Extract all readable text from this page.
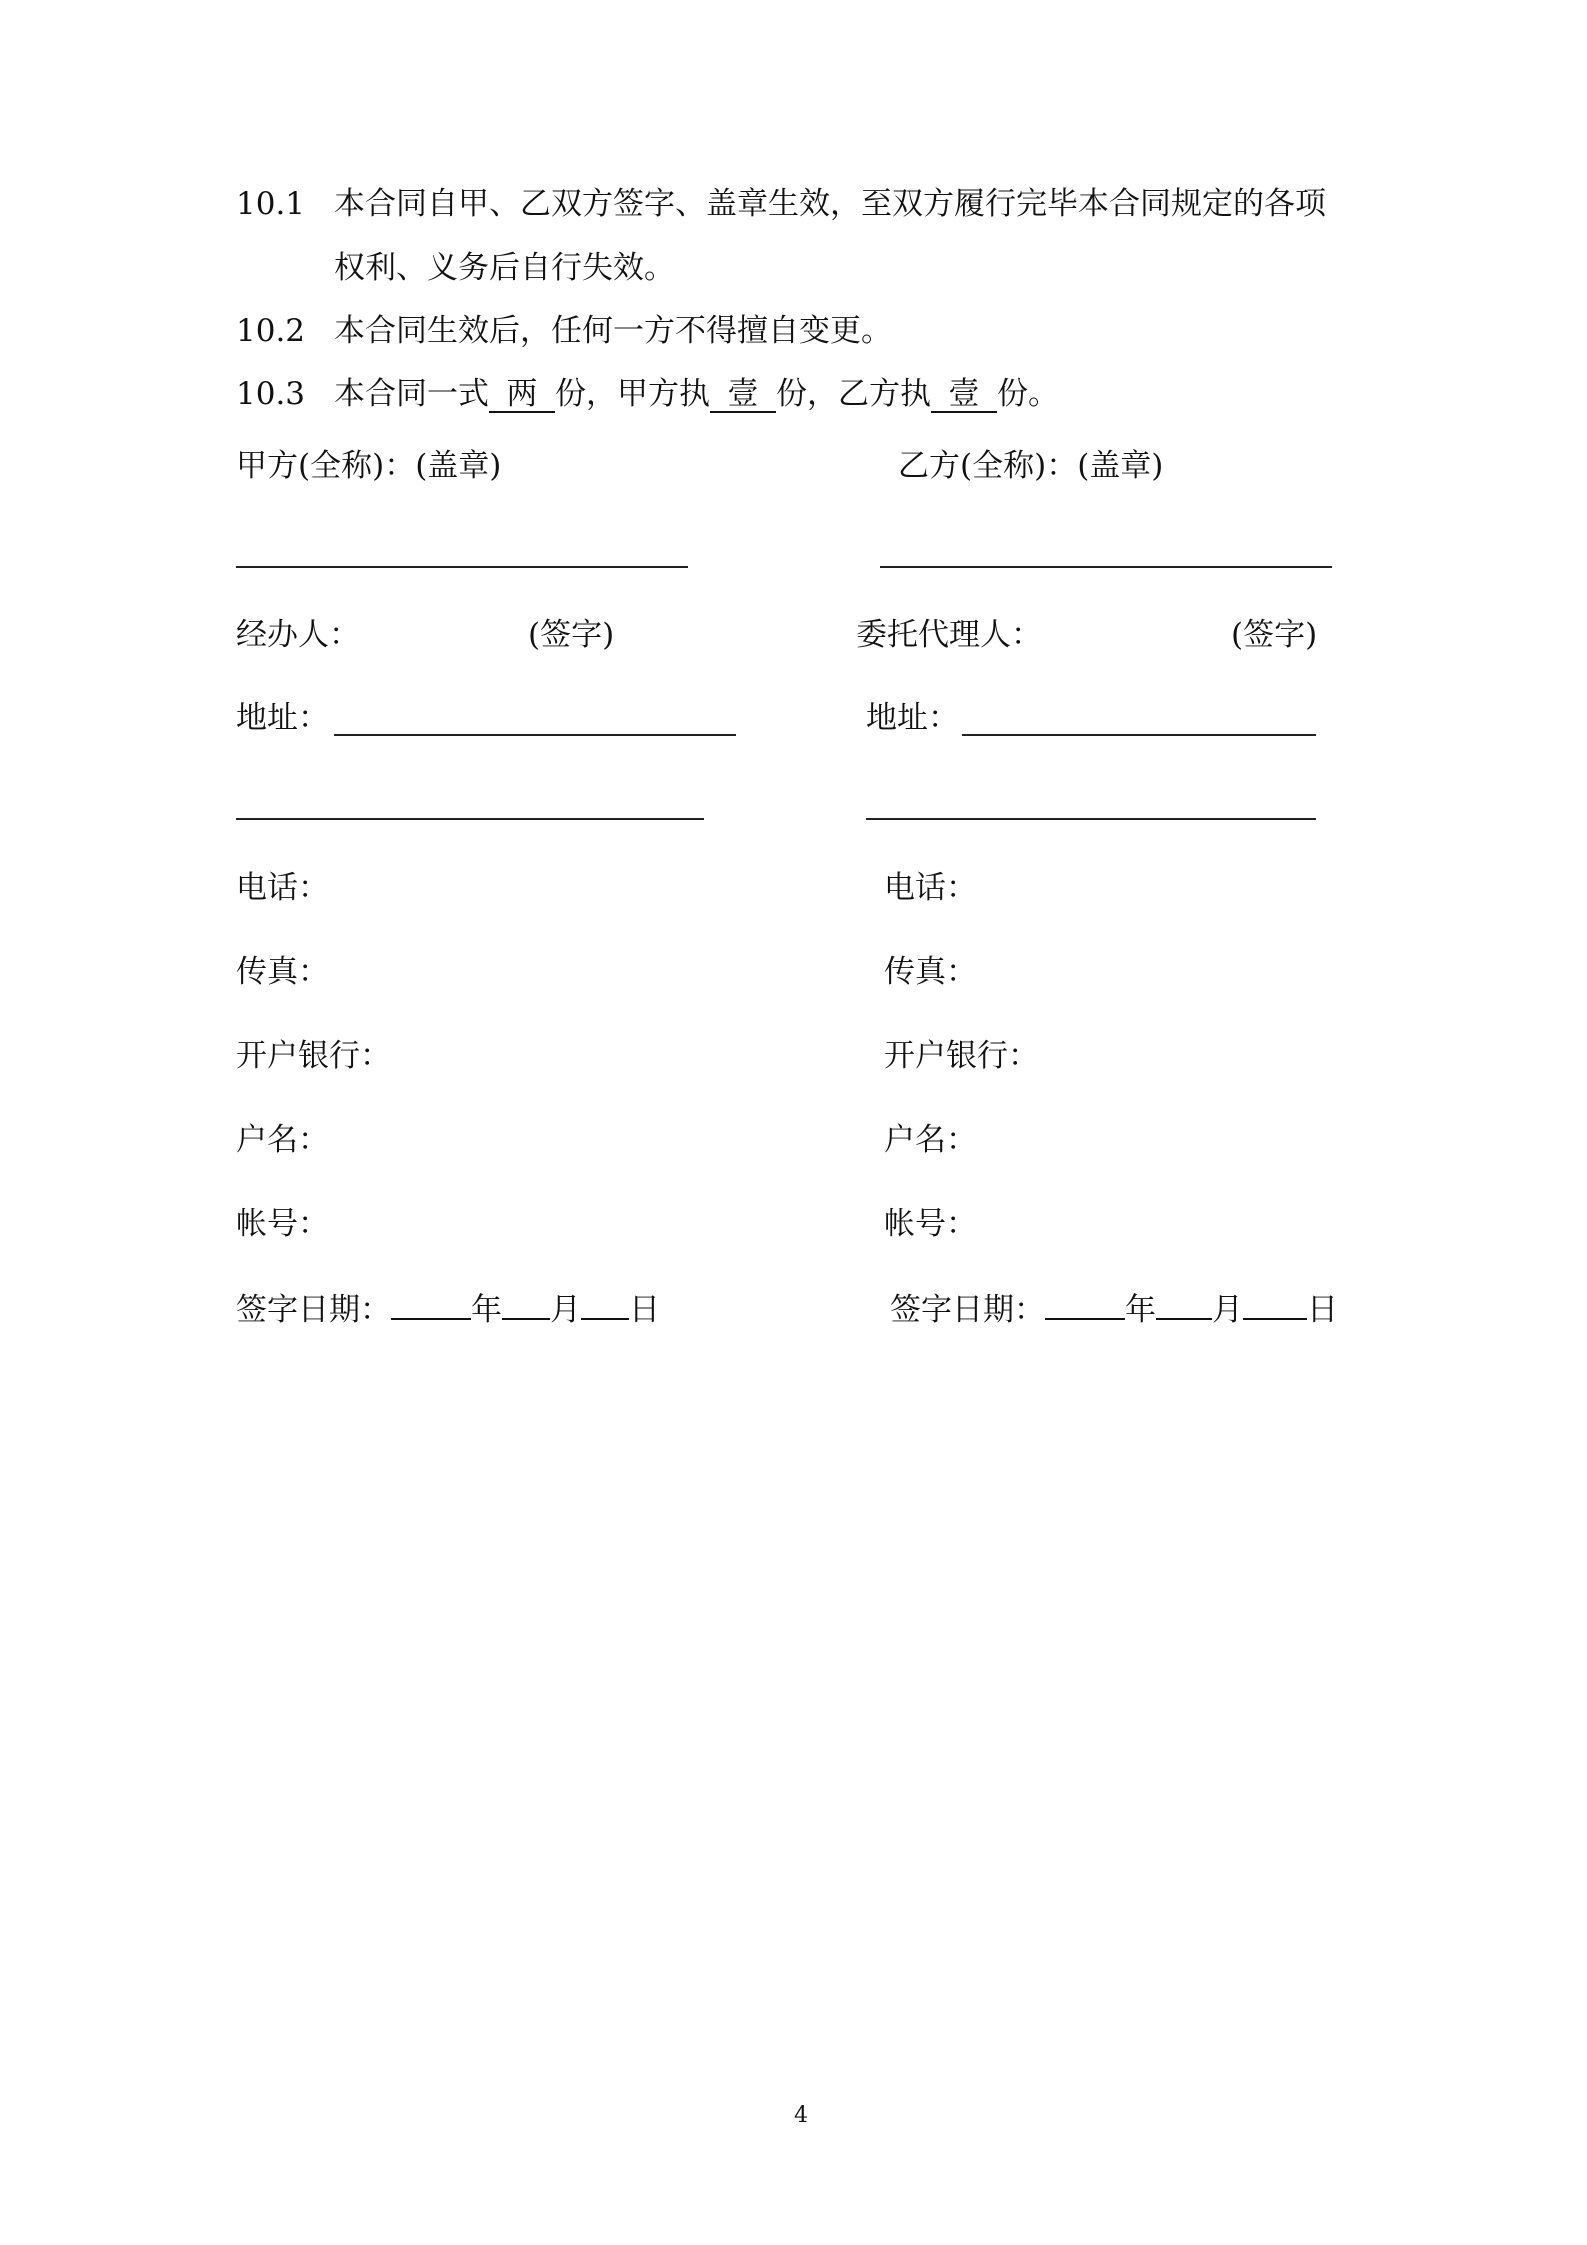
10.1 本合同自甲、乙双方签字、盖章生效，至双方履行完毕本合同规定的各项
权利、义务后自行失效。
10.2 本合同生效后，任何一方不得擅自变更。
10.3 本合同一式 两 份，甲方执 壹 份，乙方执 壹 份。
甲方(全称)：(盖章)	乙方(全称)：(盖章)
经办人：	(签字)	委托代理人：	(签字)
地址：	地址：
电话：	电话：
传真：	传真：
开户银行：	开户银行：
户名：	户名：
帐号：	帐号：
签字日期：	年 月 日	签字日期：	年 月 日
4
